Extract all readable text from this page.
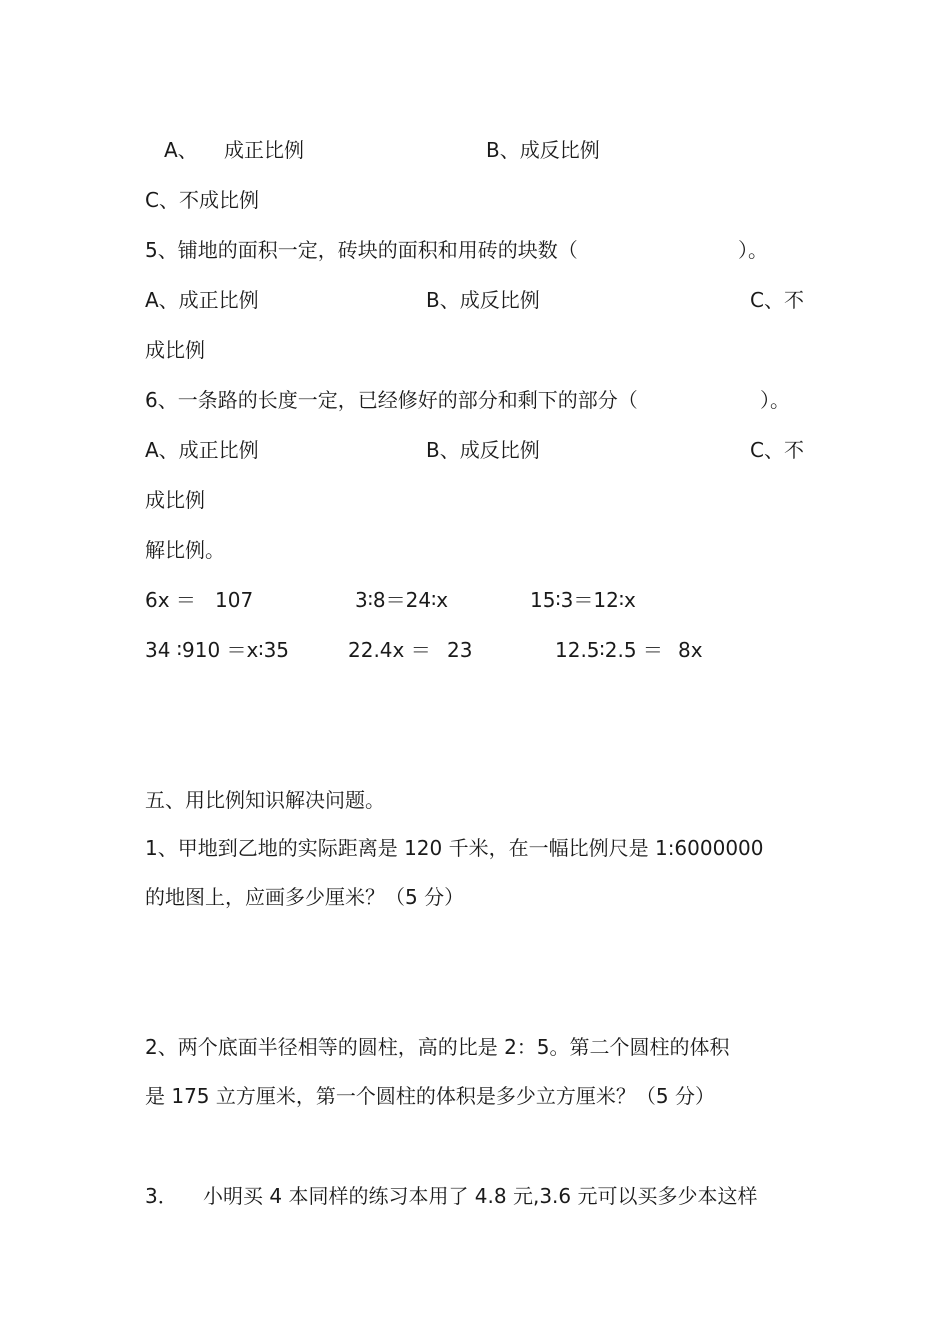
A、 成正比例	B、成反比例
C、不成比例
5、铺地的面积一定，砖块的面积和用砖的块数（	）。
A、成正比例	B、成反比例	C、不
成比例
6、一条路的长度一定，已经修好的部分和剩下的部分（	）。
A、成正比例	B、成反比例	C、不
成比例
解比例。
6x ＝ 107	3∶8＝24∶x	15∶3＝12∶x
34 ∶910 ＝x∶35	22.4x ＝ 23	12.5∶2.5 ＝ 8x
五、用比例知识解决问题。
1、甲地到乙地的实际距离是 120 千米，在一幅比例尺是 1:6000000
的地图上，应画多少厘米？（5 分）
2、两个底面半径相等的圆柱，高的比是 2：5。第二个圆柱的体积
是 175 立方厘米，第一个圆柱的体积是多少立方厘米？（5 分）
3． 小明买 4 本同样的练习本用了 4.8 元,3.6 元可以买多少本这样
